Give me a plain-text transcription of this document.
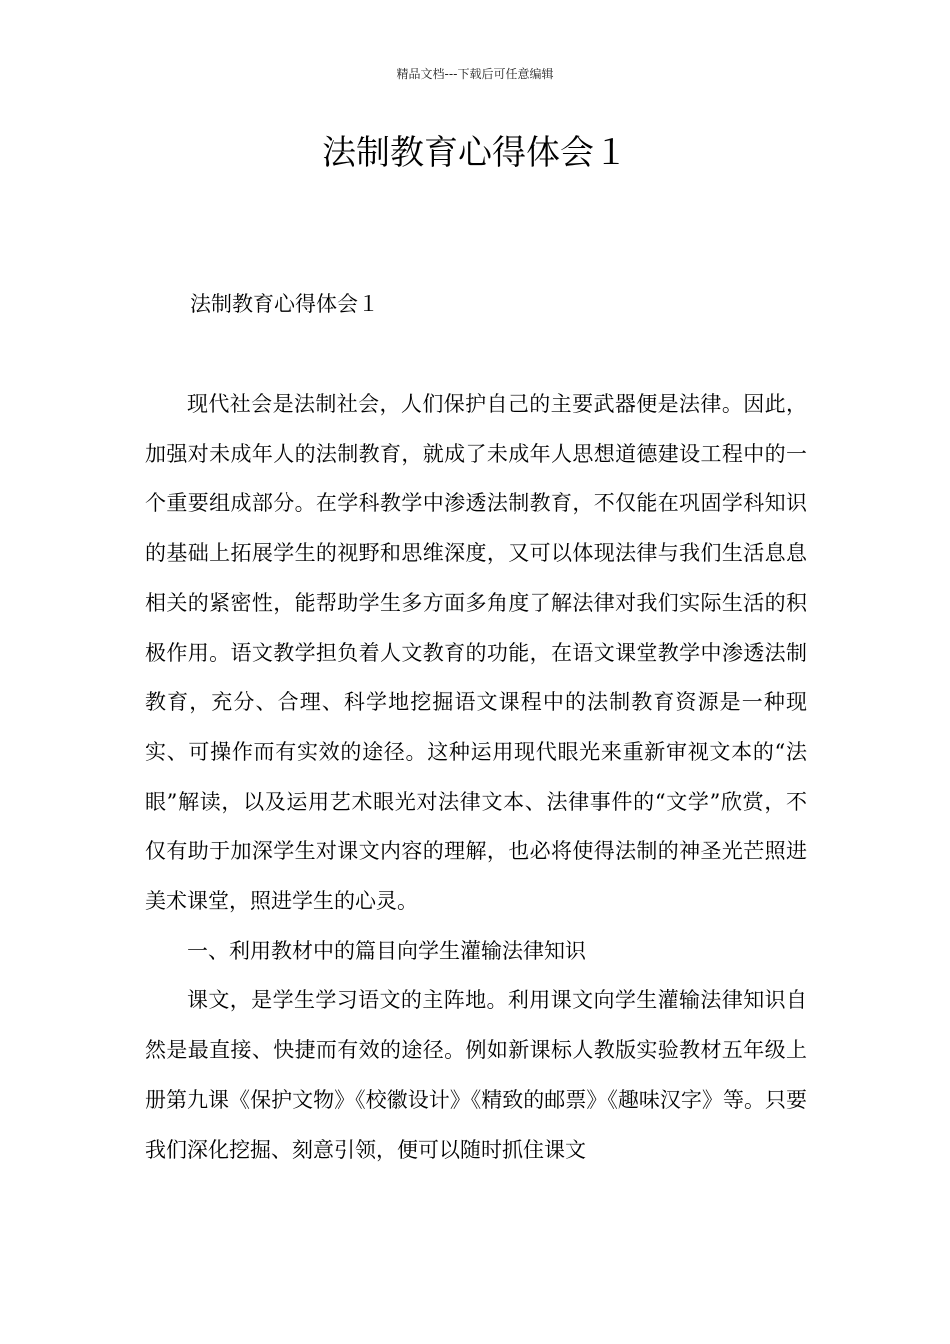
精品文档---下载后可任意编辑
法制教育心得体会１

法制教育心得体会１

现代社会是法制社会，人们保护自己的主要武器便是法律。因此，加强对未成年人的法制教育，就成了未成年人思想道德建设工程中的一个重要组成部分。在学科教学中渗透法制教育，不仅能在巩固学科知识的基础上拓展学生的视野和思维深度，又可以体现法律与我们生活息息相关的紧密性，能帮助学生多方面多角度了解法律对我们实际生活的积极作用。语文教学担负着人文教育的功能，在语文课堂教学中渗透法制教育，充分、合理、科学地挖掘语文课程中的法制教育资源是一种现实、可操作而有实效的途径。这种运用现代眼光来重新审视文本的“法眼”解读，以及运用艺术眼光对法律文本、法律事件的“文学”欣赏，不仅有助于加深学生对课文内容的理解，也必将使得法制的神圣光芒照进美术课堂，照进学生的心灵。

一、利用教材中的篇目向学生灌输法律知识

课文，是学生学习语文的主阵地。利用课文向学生灌输法律知识自然是最直接、快捷而有效的途径。例如新课标人教版实验教材五年级上册第九课《保护文物》《校徽设计》《精致的邮票》《趣味汉字》等。只要我们深化挖掘、刻意引领，便可以随时抓住课文
